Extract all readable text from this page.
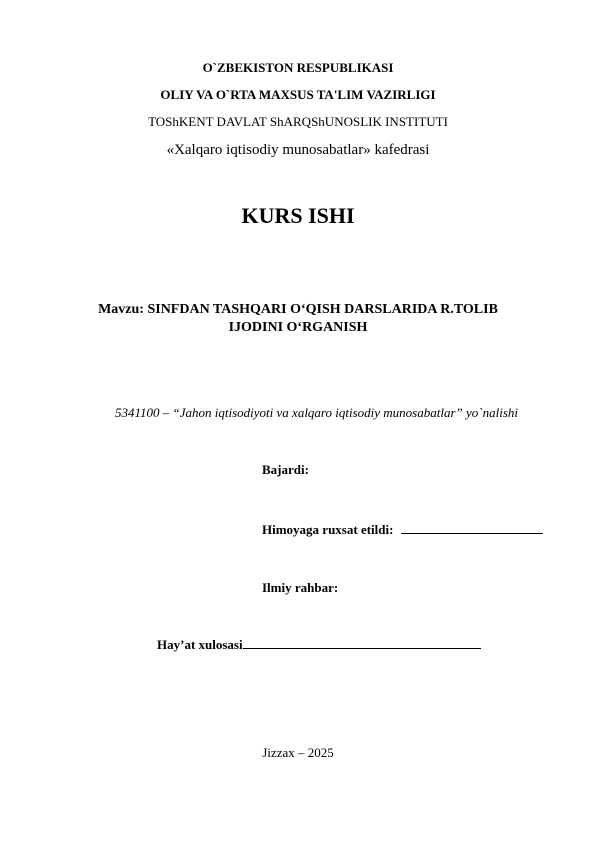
O`ZBEKISTON RESPUBLIKASI
OLIY VA O`RTA MAXSUS TA'LIM VAZIRLIGI
TOShKENT DAVLAT ShARQShUNOSLIK INSTITUTI
«Xalqaro iqtisodiy munosabatlar» kafedrasi
KURS ISHI
Mavzu: SINFDAN TASHQARI O‘QISH DARSLARIDA R.TOLIB
IJODINI O‘RGANISH
5341100 – “Jahon iqtisodiyoti va xalqaro iqtisodiy munosabatlar” yo`nalishi
Bajardi:
Himoyaga ruxsat etildi:
Ilmiy rahbar:
Hay’at xulosasi
Jizzax – 2025
